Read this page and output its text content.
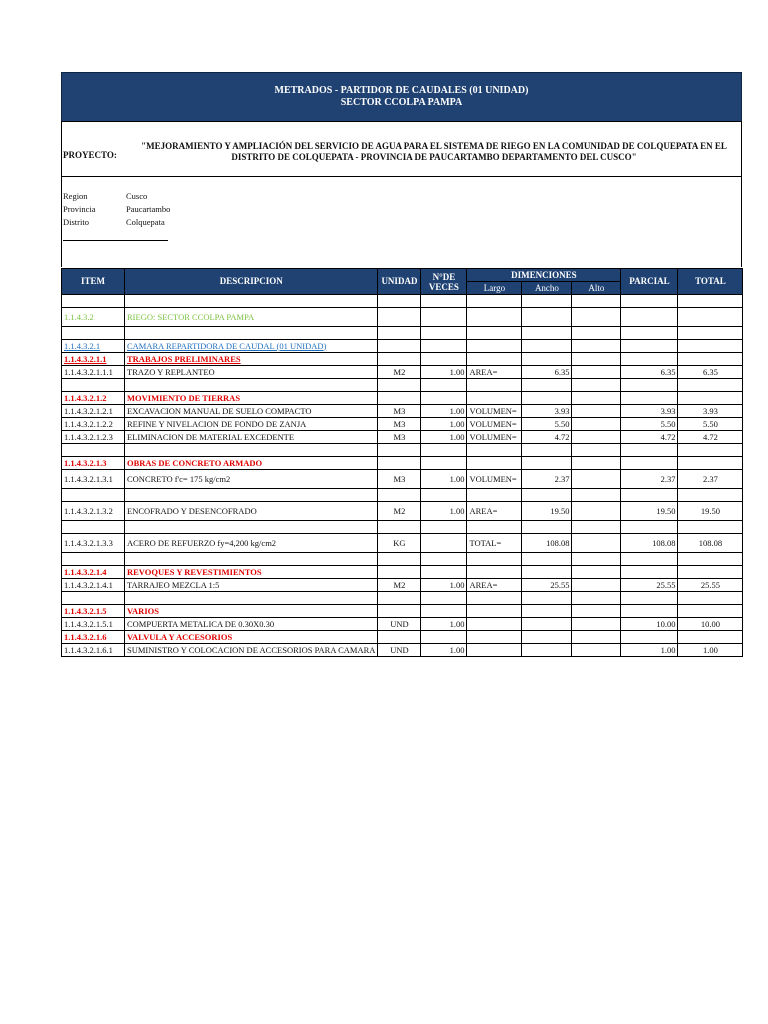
METRADOS - PARTIDOR DE CAUDALES (01 UNIDAD)
SECTOR CCOLPA PAMPA
PROYECTO:
"MEJORAMIENTO Y AMPLIACIÓN DEL SERVICIO DE AGUA PARA EL SISTEMA DE RIEGO EN LA COMUNIDAD DE COLQUEPATA EN EL DISTRITO DE COLQUEPATA - PROVINCIA DE PAUCARTAMBO DEPARTAMENTO DEL CUSCO"
Region	Cusco
Provincia	Paucartambo
Distrito	Colquepata
ITEM	DESCRIPCION	UNIDAD	N°DE VECES	DIMENCIONES			PARCIAL	TOTAL
				Largo	Ancho	Alto		

1.1.4.3.2	RIEGO: SECTOR CCOLPA PAMPA							

1.1.4.3.2.1	CAMARA REPARTIDORA DE CAUDAL (01 UNIDAD)							
1.1.4.3.2.1.1	TRABAJOS PRELIMINARES							
1.1.4.3.2.1.1.1	TRAZO Y REPLANTEO	M2	1.00	AREA=	6.35		6.35	6.35

1.1.4.3.2.1.2	MOVIMIENTO DE TIERRAS							
1.1.4.3.2.1.2.1	EXCAVACION MANUAL DE SUELO COMPACTO	M3	1.00	VOLUMEN=	3.93		3.93	3.93
1.1.4.3.2.1.2.2	REFINE Y NIVELACION DE FONDO DE ZANJA	M3	1.00	VOLUMEN=	5.50		5.50	5.50
1.1.4.3.2.1.2.3	ELIMINACION DE MATERIAL EXCEDENTE	M3	1.00	VOLUMEN=	4.72		4.72	4.72

1.1.4.3.2.1.3	OBRAS DE CONCRETO ARMADO							
1.1.4.3.2.1.3.1	CONCRETO f'c= 175 kg/cm2	M3	1.00	VOLUMEN=	2.37		2.37	2.37

1.1.4.3.2.1.3.2	ENCOFRADO Y DESENCOFRADO	M2	1.00	AREA=	19.50		19.50	19.50

1.1.4.3.2.1.3.3	ACERO DE REFUERZO fy=4,200 kg/cm2	KG		TOTAL=	108.08		108.08	108.08

1.1.4.3.2.1.4	REVOQUES Y REVESTIMIENTOS							
1.1.4.3.2.1.4.1	TARRAJEO MEZCLA 1:5	M2	1.00	AREA=	25.55		25.55	25.55

1.1.4.3.2.1.5	VARIOS							
1.1.4.3.2.1.5.1	COMPUERTA METALICA DE 0.30X0.30	UND	1.00				10.00	10.00
1.1.4.3.2.1.6	VALVULA Y ACCESORIOS							
1.1.4.3.2.1.6.1	SUMINISTRO Y COLOCACION DE ACCESORIOS PARA CAMARA	UND	1.00				1.00	1.00
